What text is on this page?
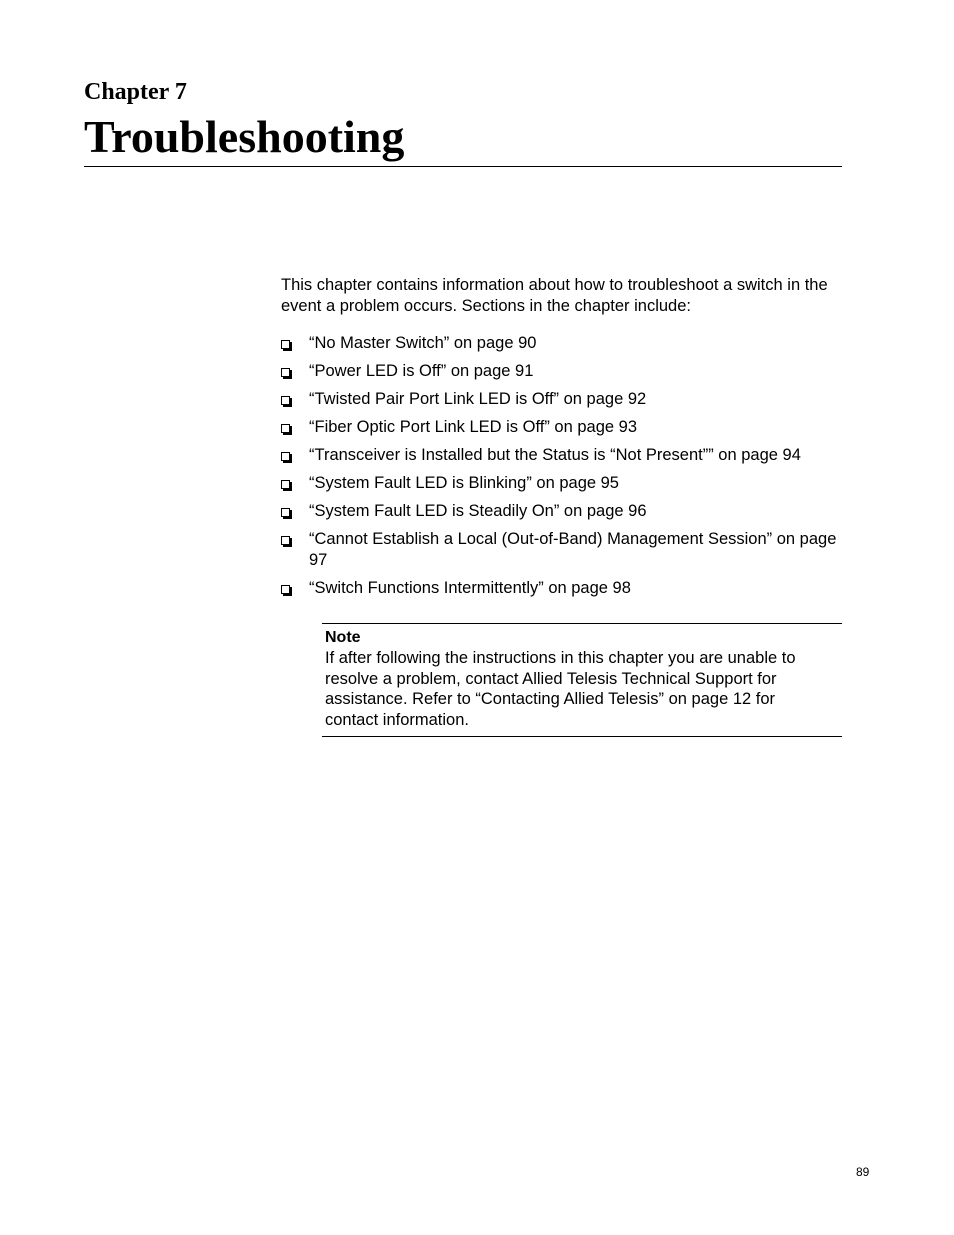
Chapter 7
Troubleshooting

This chapter contains information about how to troubleshoot a switch in the event a problem occurs. Sections in the chapter include:

“No Master Switch” on page 90
“Power LED is Off” on page 91
“Twisted Pair Port Link LED is Off” on page 92
“Fiber Optic Port Link LED is Off” on page 93
“Transceiver is Installed but the Status is “Not Present”” on page 94
“System Fault LED is Blinking” on page 95
“System Fault LED is Steadily On” on page 96
“Cannot Establish a Local (Out-of-Band) Management Session” on page 97
“Switch Functions Intermittently” on page 98

Note

If after following the instructions in this chapter you are unable to resolve a problem, contact Allied Telesis Technical Support for assistance. Refer to “Contacting Allied Telesis” on page 12 for contact information.

89
